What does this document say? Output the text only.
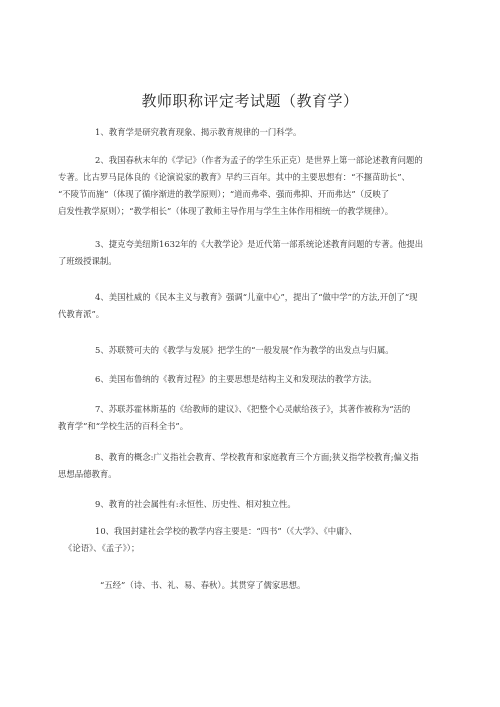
教师职称评定考试题（教育学）
1、教育学是研究教育现象、揭示教育规律的一门科学。
2、我国春秋末年的《学记》（作者为孟子的学生乐正克）是世界上第一部论述教育问题的
专著。比古罗马昆体良的《论演说家的教育》早约三百年。其中的主要思想有：“不揠苗助长”、
“不陵节而施”（体现了循序渐进的教学原则）；“道而弗牵、强而弗抑、开而弗达”（反映了
启发性教学原则）；“教学相长”（体现了教师主导作用与学生主体作用相统一的教学规律）。
3、捷克夸美纽斯1632年的《大教学论》是近代第一部系统论述教育问题的专著。他提出
了班级授课制。
4、美国杜威的《民本主义与教育》强调“儿童中心”，提出了“做中学”的方法,开创了“现
代教育派”。
5、苏联赞可夫的《教学与发展》把学生的“一般发展”作为教学的出发点与归属。
6、美国布鲁纳的《教育过程》的主要思想是结构主义和发现法的教学方法。
7、苏联苏霍林斯基的《给教师的建议》、《把整个心灵献给孩子》，其著作被称为“活的
教育学”和“学校生活的百科全书”。
8、教育的概念:广义指社会教育、学校教育和家庭教育三个方面;狭义指学校教育;偏义指
思想品德教育。
9、教育的社会属性有:永恒性、历史性、相对独立性。
10、我国封建社会学校的教学内容主要是：“四书”（《大学》、《中庸》、
《论语》、《孟子》）；
“五经”（诗、书、礼、易、春秋）。其贯穿了儒家思想。
